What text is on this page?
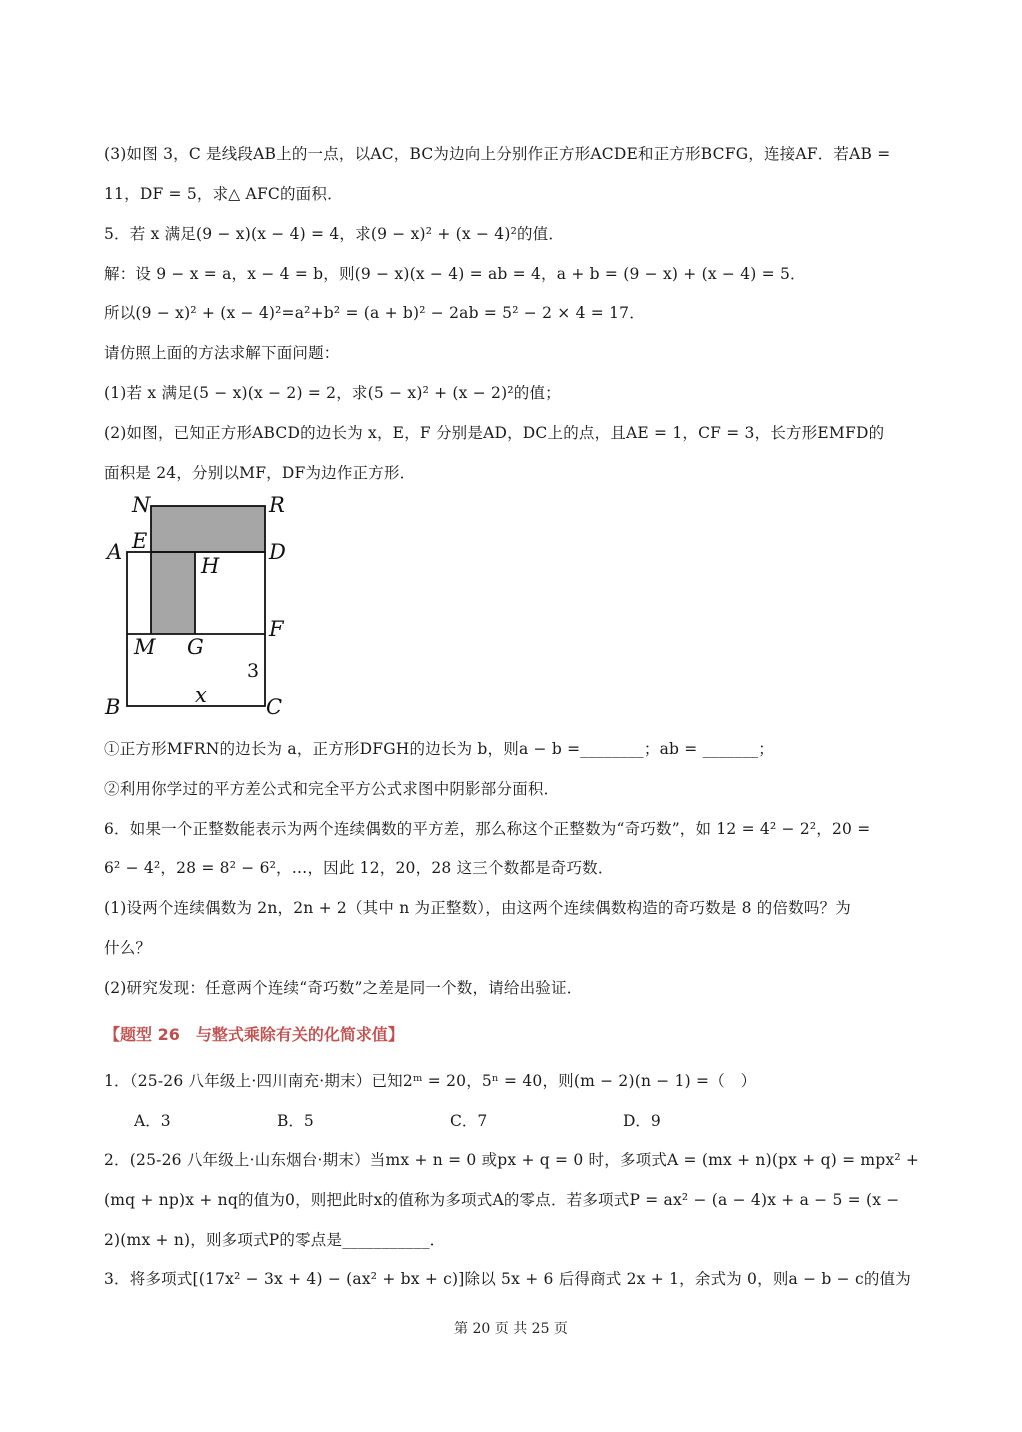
(3)如图 3，C 是线段AB上的一点，以AC，BC为边向上分别作正方形ACDE和正方形BCFG，连接AF．若AB =
11，DF = 5，求△ AFC的面积．
5．若 x 满足(9 − x)(x − 4) = 4，求(9 − x)² + (x − 4)²的值．
解：设 9 − x = a，x − 4 = b，则(9 − x)(x − 4) = ab = 4，a + b = (9 − x) + (x − 4) = 5．
所以(9 − x)² + (x − 4)²=a²+b² = (a + b)² − 2ab = 5² − 2 × 4 = 17．
请仿照上面的方法求解下面问题：
(1)若 x 满足(5 − x)(x − 2) = 2，求(5 − x)² + (x − 2)²的值；
(2)如图，已知正方形ABCD的边长为 x，E，F 分别是AD，DC上的点，且AE = 1，CF = 3，长方形EMFD的
面积是 24，分别以MF，DF为边作正方形．
N	R
A E	D
H
M G
F
3
x
B	C
①正方形MFRN的边长为 a，正方形DFGH的边长为 b，则a − b =________；ab = _______；
②利用你学过的平方差公式和完全平方公式求图中阴影部分面积．
6．如果一个正整数能表示为两个连续偶数的平方差，那么称这个正整数为“奇巧数”，如 12 = 4² − 2²，20 =
6² − 4²，28 = 8² − 6²，…，因此 12，20，28 这三个数都是奇巧数．
(1)设两个连续偶数为 2n，2n + 2（其中 n 为正整数），由这两个连续偶数构造的奇巧数是 8 的倍数吗？为
什么？
(2)研究发现：任意两个连续“奇巧数”之差是同一个数，请给出验证．
【题型 26　与整式乘除有关的化简求值】
1．（25-26 八年级上·四川南充·期末）已知2ᵐ = 20，5ⁿ = 40，则(m − 2)(n − 1) =（　）
A．3	B．5	C．7	D．9
2．(25-26 八年级上·山东烟台·期末）当mx + n = 0 或px + q = 0 时，多项式A = (mx + n)(px + q) = mpx² +
(mq + np)x + nq的值为0，则把此时x的值称为多项式A的零点．若多项式P = ax² − (a − 4)x + a − 5 = (x −
2)(mx + n)，则多项式P的零点是___________．
3．将多项式[(17x² − 3x + 4) − (ax² + bx + c)]除以 5x + 6 后得商式 2x + 1，余式为 0，则a − b − c的值为
第 20 页 共 25 页
